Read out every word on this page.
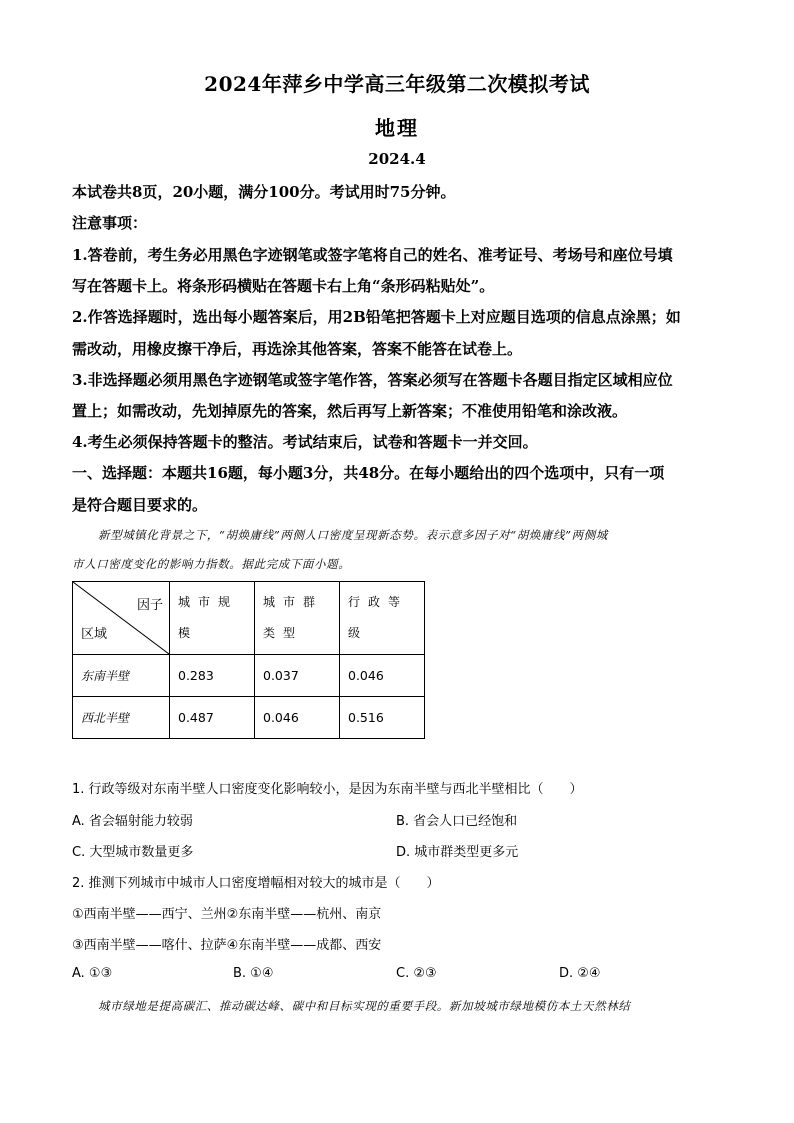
2024年萍乡中学高三年级第二次模拟考试
地理
2024.4
本试卷共8页，20小题，满分100分。考试用时75分钟。
注意事项：
1.答卷前，考生务必用黑色字迹钢笔或签字笔将自己的姓名、准考证号、考场号和座位号填
写在答题卡上。将条形码横贴在答题卡右上角“条形码粘贴处”。
2.作答选择题时，选出每小题答案后，用2B铅笔把答题卡上对应题目选项的信息点涂黑；如
需改动，用橡皮擦干净后，再选涂其他答案，答案不能答在试卷上。
3.非选择题必须用黑色字迹钢笔或签字笔作答，答案必须写在答题卡各题目指定区域相应位
置上；如需改动，先划掉原先的答案，然后再写上新答案；不准使用铅笔和涂改液。
4.考生必须保持答题卡的整洁。考试结束后，试卷和答题卡一并交回。
一、选择题：本题共16题，每小题3分，共48分。在每小题给出的四个选项中，只有一项
是符合题目要求的。
新型城镇化背景之下，“胡焕庸线”两侧人口密度呈现新态势。表示意多因子对“胡焕庸线”两侧城
市人口密度变化的影响力指数。据此完成下面小题。
因子
区域	城市规模	城市群类型	行政等级
东南半壁	0.283	0.037	0.046
西北半壁	0.487	0.046	0.516
1. 行政等级对东南半壁人口密度变化影响较小，是因为东南半壁与西北半壁相比（　　）
A. 省会辐射能力较弱	B. 省会人口已经饱和
C. 大型城市数量更多	D. 城市群类型更多元
2. 推测下列城市中城市人口密度增幅相对较大的城市是（　　）
①西南半壁——西宁、兰州②东南半壁——杭州、南京
③西南半壁——喀什、拉萨④东南半壁——成都、西安
A. ①③	B. ①④	C. ②③	D. ②④
城市绿地是提高碳汇、推动碳达峰、碳中和目标实现的重要手段。新加坡城市绿地模仿本土天然林结
